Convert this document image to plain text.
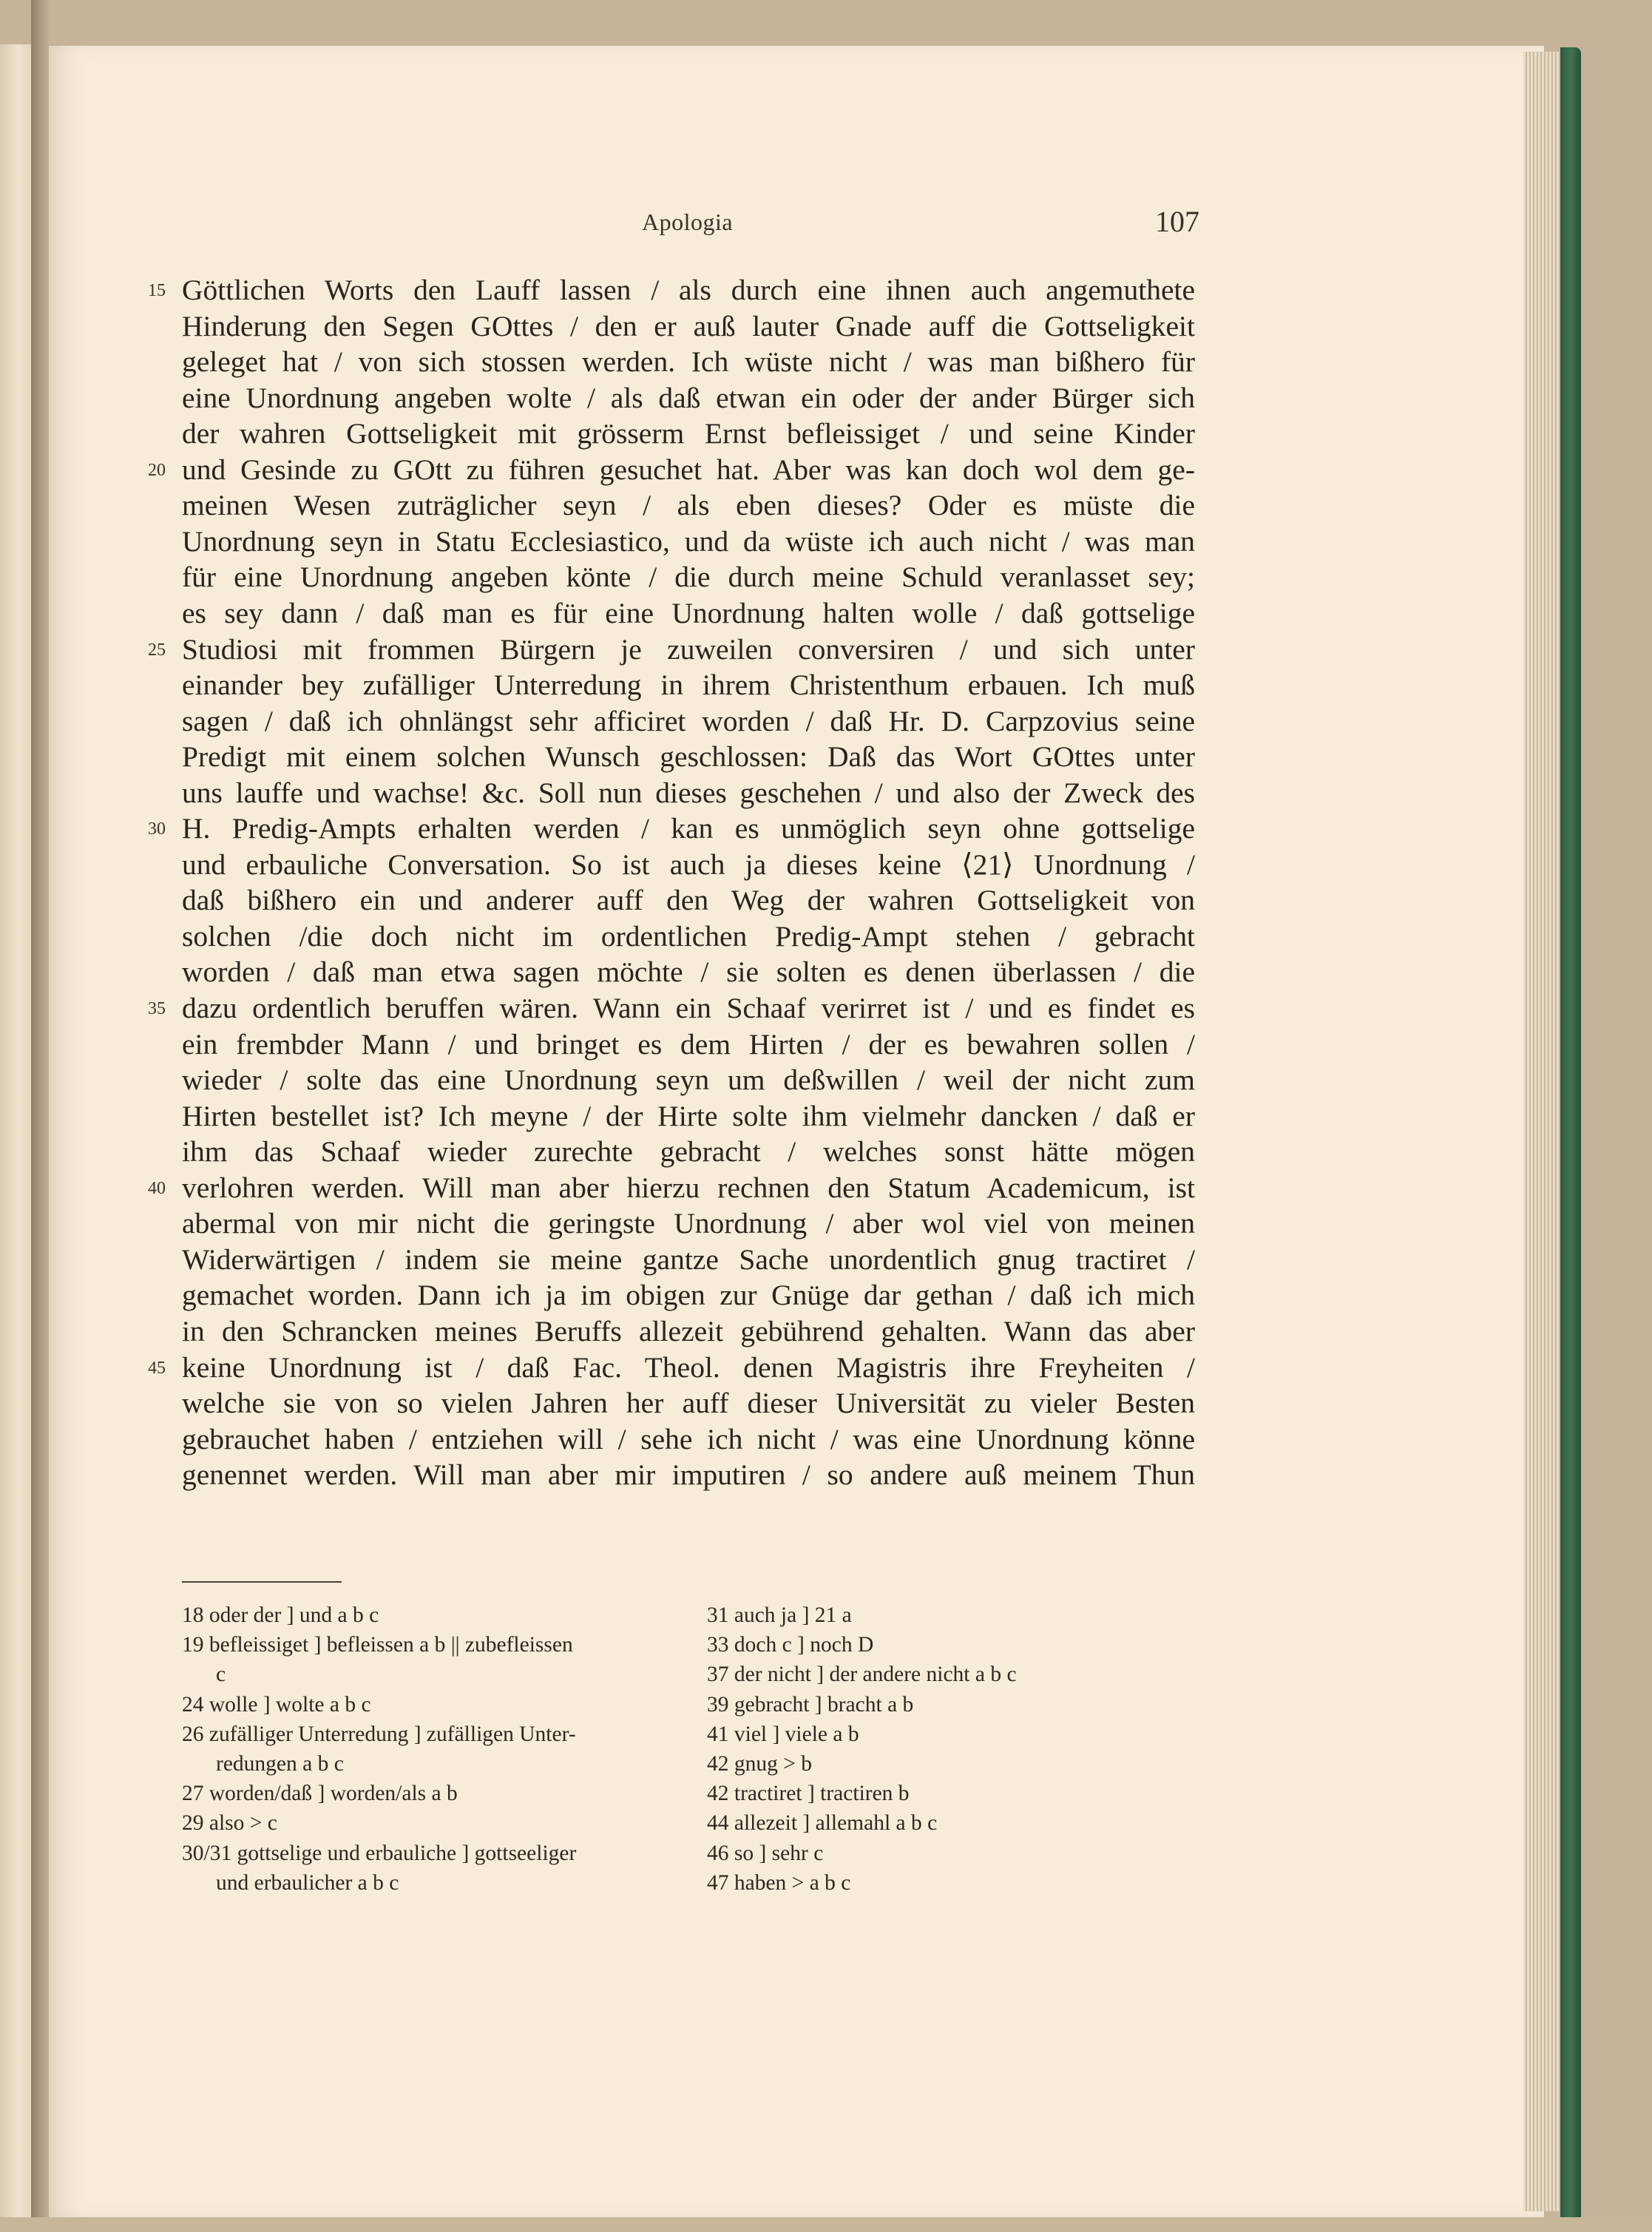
Apologia	107
Göttlichen Worts den Lauff lassen / als durch eine ihnen auch angemuthete
Hinderung den Segen GOttes / den er auß lauter Gnade auff die Gottseligkeit
geleget hat / von sich stossen werden. Ich wüste nicht / was man bißhero für
eine Unordnung angeben wolte / als daß etwan ein oder der ander Bürger sich
der wahren Gottseligkeit mit grösserm Ernst befleissiget / und seine Kinder
und Gesinde zu GOtt zu führen gesuchet hat. Aber was kan doch wol dem ge-
meinen Wesen zuträglicher seyn / als eben dieses? Oder es müste die
Unordnung seyn in Statu Ecclesiastico, und da wüste ich auch nicht / was man
für eine Unordnung angeben könte / die durch meine Schuld veranlasset sey;
es sey dann / daß man es für eine Unordnung halten wolle / daß gottselige
Studiosi mit frommen Bürgern je zuweilen conversiren / und sich unter
einander bey zufälliger Unterredung in ihrem Christenthum erbauen. Ich muß
sagen / daß ich ohnlängst sehr afficiret worden / daß Hr. D. Carpzovius seine
Predigt mit einem solchen Wunsch geschlossen: Daß das Wort GOttes unter
uns lauffe und wachse! &c. Soll nun dieses geschehen / und also der Zweck des
H. Predig-Ampts erhalten werden / kan es unmöglich seyn ohne gottselige
und erbauliche Conversation. So ist auch ja dieses keine ⟨21⟩ Unordnung /
daß bißhero ein und anderer auff den Weg der wahren Gottseligkeit von
solchen /die doch nicht im ordentlichen Predig-Ampt stehen / gebracht
worden / daß man etwa sagen möchte / sie solten es denen überlassen / die
dazu ordentlich beruffen wären. Wann ein Schaaf verirret ist / und es findet es
ein frembder Mann / und bringet es dem Hirten / der es bewahren sollen /
wieder / solte das eine Unordnung seyn um deßwillen / weil der nicht zum
Hirten bestellet ist? Ich meyne / der Hirte solte ihm vielmehr dancken / daß er
ihm das Schaaf wieder zurechte gebracht / welches sonst hätte mögen
verlohren werden. Will man aber hierzu rechnen den Statum Academicum, ist
abermal von mir nicht die geringste Unordnung / aber wol viel von meinen
Widerwärtigen / indem sie meine gantze Sache unordentlich gnug tractiret /
gemachet worden. Dann ich ja im obigen zur Gnüge dar gethan / daß ich mich
in den Schrancken meines Beruffs allezeit gebührend gehalten. Wann das aber
keine Unordnung ist / daß Fac. Theol. denen Magistris ihre Freyheiten /
welche sie von so vielen Jahren her auff dieser Universität zu vieler Besten
gebrauchet haben / entziehen will / sehe ich nicht / was eine Unordnung könne
genennet werden. Will man aber mir imputiren / so andere auß meinem Thun
15
20
25
30
35
40
45
18 oder der ] und a b c
19 befleissiget ] befleissen a b || zubefleissen
c
24 wolle ] wolte a b c
26 zufälliger Unterredung ] zufälligen Unter-
redungen a b c
27 worden/daß ] worden/als a b
29 also > c
30/31 gottselige und erbauliche ] gottseeliger
und erbaulicher a b c
31 auch ja ] 21 a
33 doch c ] noch D
37 der nicht ] der andere nicht a b c
39 gebracht ] bracht a b
41 viel ] viele a b
42 gnug > b
42 tractiret ] tractiren b
44 allezeit ] allemahl a b c
46 so ] sehr c
47 haben > a b c
